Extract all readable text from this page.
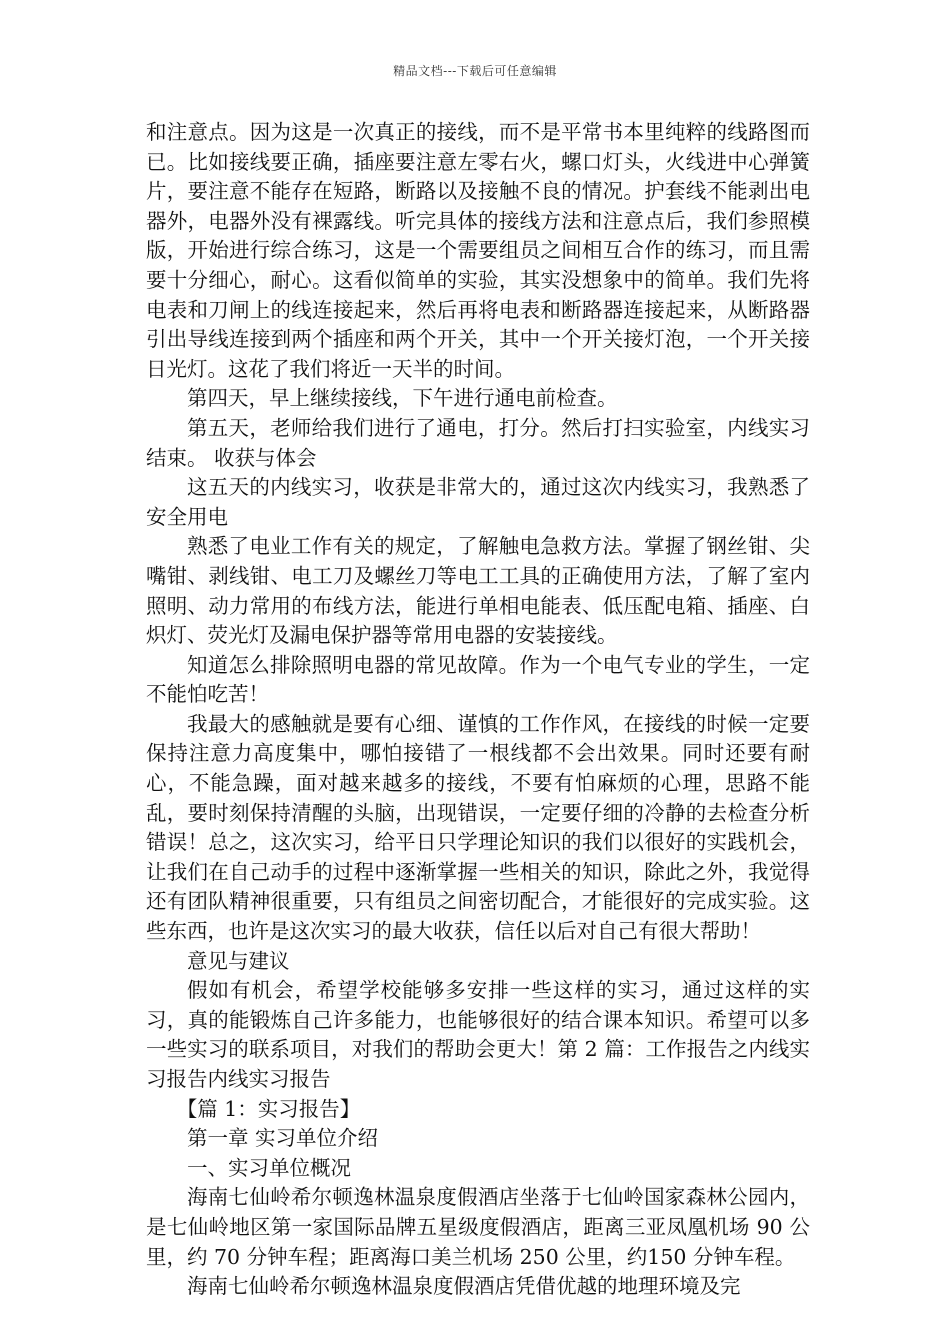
精品文档---下载后可任意编辑

和注意点。因为这是一次真正的接线，而不是平常书本里纯粹的线路图而已。比如接线要正确，插座要注意左零右火，螺口灯头，火线进中心弹簧片，要注意不能存在短路，断路以及接触不良的情况。护套线不能剥出电器外，电器外没有裸露线。听完具体的接线方法和注意点后，我们参照模版，开始进行综合练习，这是一个需要组员之间相互合作的练习，而且需要十分细心，耐心。这看似简单的实验，其实没想象中的简单。我们先将电表和刀闸上的线连接起来，然后再将电表和断路器连接起来，从断路器引出导线连接到两个插座和两个开关，其中一个开关接灯泡，一个开关接日光灯。这花了我们将近一天半的时间。

第四天，早上继续接线，下午进行通电前检查。

第五天，老师给我们进行了通电，打分。然后打扫实验室，内线实习结束。 收获与体会

这五天的内线实习，收获是非常大的，通过这次内线实习，我熟悉了安全用电

熟悉了电业工作有关的规定，了解触电急救方法。掌握了钢丝钳、尖嘴钳、剥线钳、电工刀及螺丝刀等电工工具的正确使用方法，了解了室内照明、动力常用的布线方法，能进行单相电能表、低压配电箱、插座、白炽灯、荧光灯及漏电保护器等常用电器的安装接线。

知道怎么排除照明电器的常见故障。作为一个电气专业的学生，一定不能怕吃苦！

我最大的感触就是要有心细、谨慎的工作作风，在接线的时候一定要保持注意力高度集中，哪怕接错了一根线都不会出效果。同时还要有耐心，不能急躁，面对越来越多的接线，不要有怕麻烦的心理，思路不能乱，要时刻保持清醒的头脑，出现错误，一定要仔细的冷静的去检查分析错误！总之，这次实习，给平日只学理论知识的我们以很好的实践机会，让我们在自己动手的过程中逐渐掌握一些相关的知识，除此之外，我觉得还有团队精神很重要，只有组员之间密切配合，才能很好的完成实验。这些东西，也许是这次实习的最大收获，信任以后对自己有很大帮助！

意见与建议

假如有机会，希望学校能够多安排一些这样的实习，通过这样的实习，真的能锻炼自己许多能力，也能够很好的结合课本知识。希望可以多一些实习的联系项目，对我们的帮助会更大！第 2 篇：工作报告之内线实习报告内线实习报告

【篇 1：实习报告】

第一章 实习单位介绍

一、实习单位概况

海南七仙岭希尔顿逸林温泉度假酒店坐落于七仙岭国家森林公园内，是七仙岭地区第一家国际品牌五星级度假酒店，距离三亚凤凰机场 90 公里，约 70 分钟车程；距离海口美兰机场 250 公里，约150 分钟车程。

海南七仙岭希尔顿逸林温泉度假酒店凭借优越的地理环境及完
